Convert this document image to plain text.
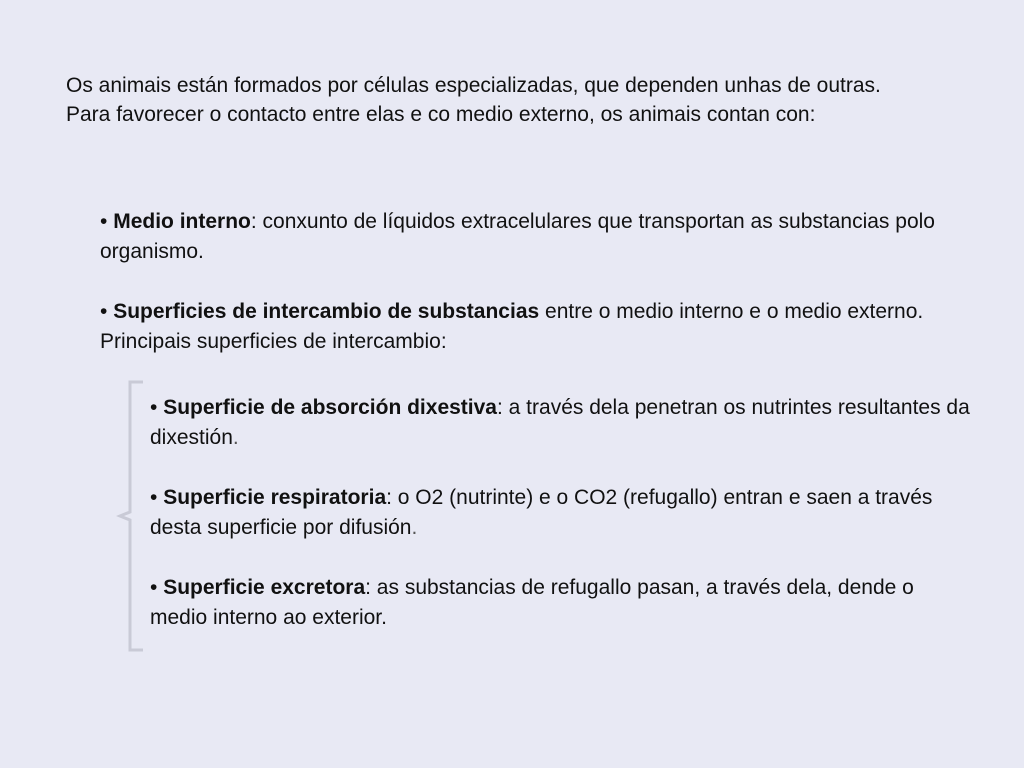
Os animais están formados por células especializadas, que dependen unhas de outras.

Para favorecer o contacto entre elas e co medio externo, os animais contan con:

• Medio interno: conxunto de líquidos extracelulares que transportan as substancias polo organismo.

• Superficies de intercambio de substancias entre o medio interno e o medio externo. Principais superficies de intercambio:

• Superficie de absorción dixestiva: a través dela penetran os nutrintes resultantes da dixestión.

• Superficie respiratoria: o O2 (nutrinte) e o CO2 (refugallo) entran e saen a través desta superficie por difusión.

• Superficie excretora: as substancias de refugallo pasan, a través dela, dende o medio interno ao exterior.
